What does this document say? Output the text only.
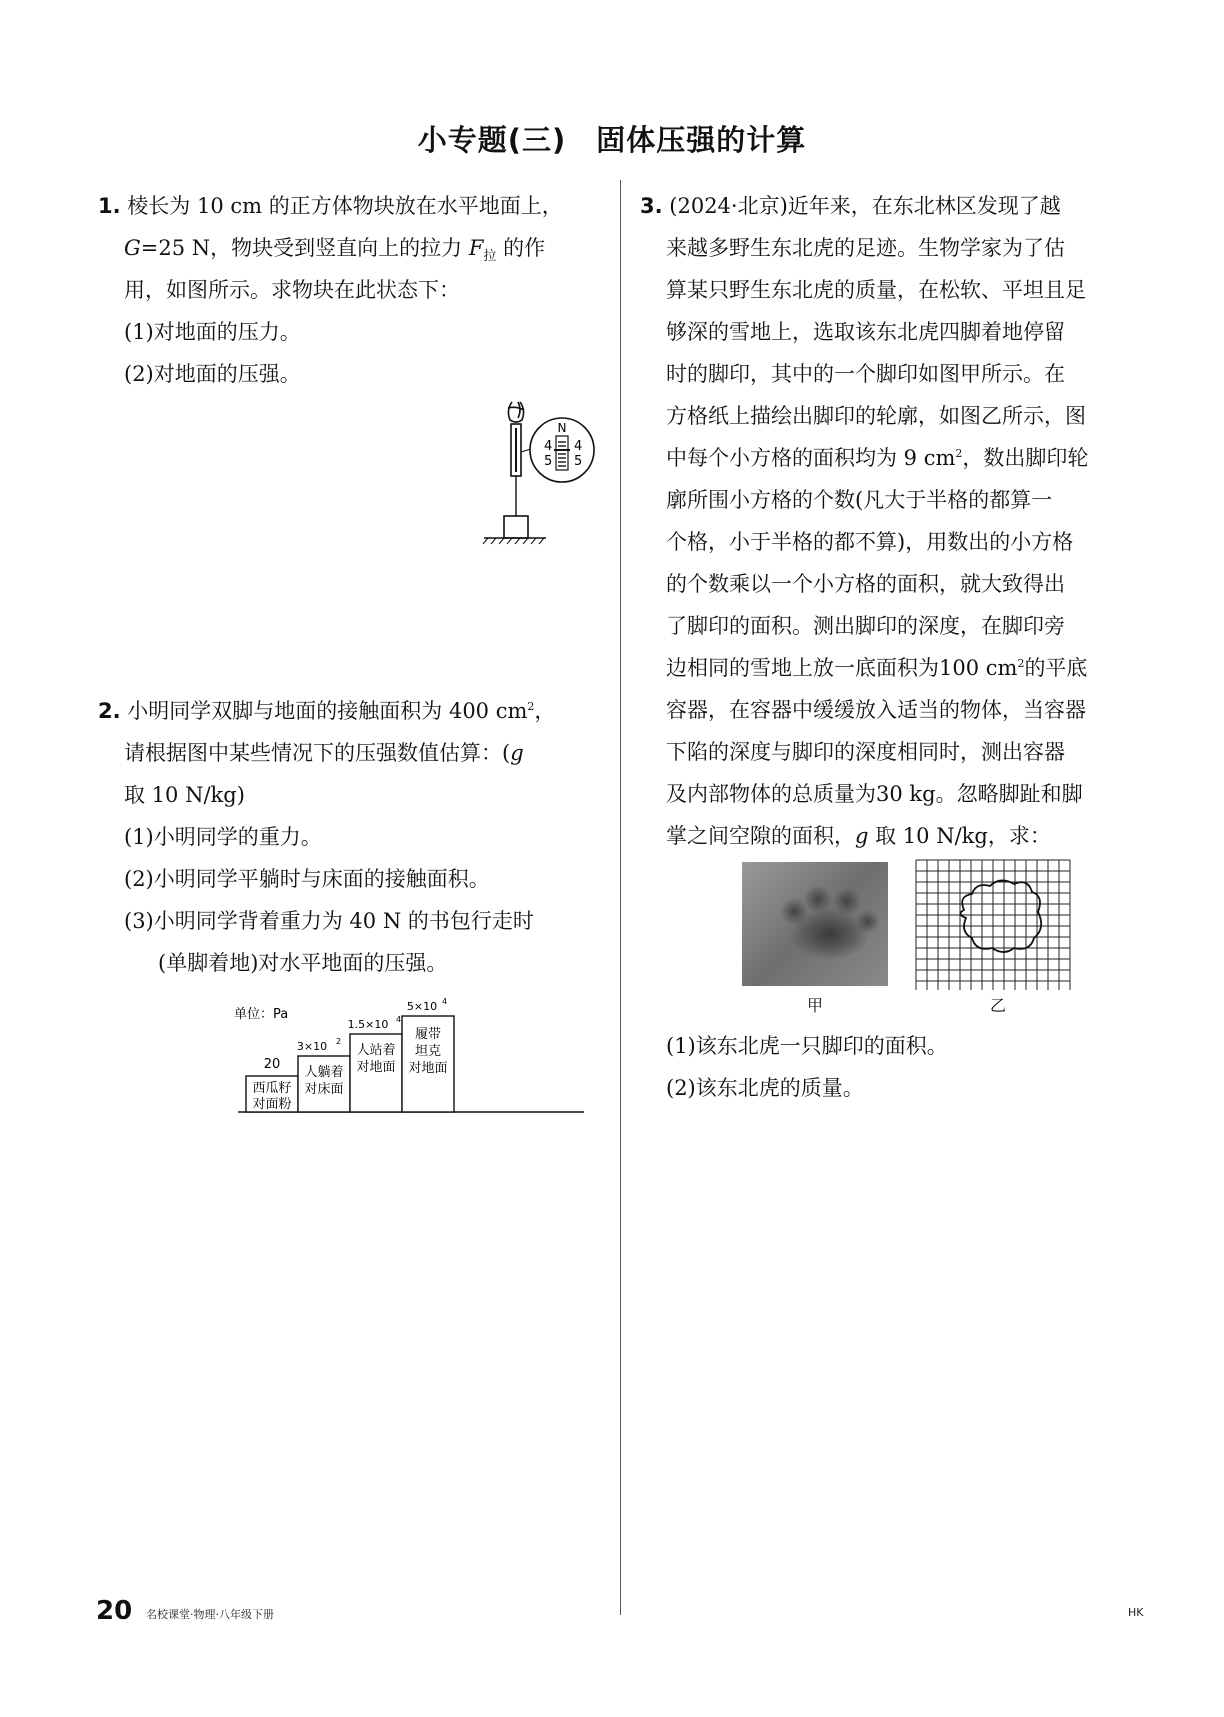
小专题(三)　固体压强的计算
1. 棱长为 10 cm 的正方体物块放在水平地面上，
G=25 N，物块受到竖直向上的拉力 $F_拉$ 的作
用，如图所示。求物块在此状态下：
(1)对地面的压力。
(2)对地面的压强。
N
4
5
4
5
2. 小明同学双脚与地面的接触面积为 400 $cm^2$，
请根据图中某些情况下的压强数值估算：(g
取 10 N/kg)
(1)小明同学的重力。
(2)小明同学平躺时与床面的接触面积。
(3)小明同学背着重力为 40 N 的书包行走时
(单脚着地)对水平地面的压强。
单位：Pa
20
西瓜籽
对面粉
3×10 2
人躺着
对床面
1.5×10 4
人站着
对地面
5×10 4
履带
坦克
对地面
3. (2024·北京)近年来，在东北林区发现了越
来越多野生东北虎的足迹。生物学家为了估
算某只野生东北虎的质量，在松软、平坦且足
够深的雪地上，选取该东北虎四脚着地停留
时的脚印，其中的一个脚印如图甲所示。在
方格纸上描绘出脚印的轮廓，如图乙所示，图
中每个小方格的面积均为 9 $cm^2$，数出脚印轮
廓所围小方格的个数(凡大于半格的都算一
个格，小于半格的都不算)，用数出的小方格
的个数乘以一个小方格的面积，就大致得出
了脚印的面积。测出脚印的深度，在脚印旁
边相同的雪地上放一底面积为100 $cm^2$的平底
容器，在容器中缓缓放入适当的物体，当容器
下陷的深度与脚印的深度相同时，测出容器
及内部物体的总质量为30 kg。忽略脚趾和脚
掌之间空隙的面积，g 取 10 N/kg，求：
(1)该东北虎一只脚印的面积。
(2)该东北虎的质量。
甲	乙
20 名校课堂·物理·八年级下册	HK
